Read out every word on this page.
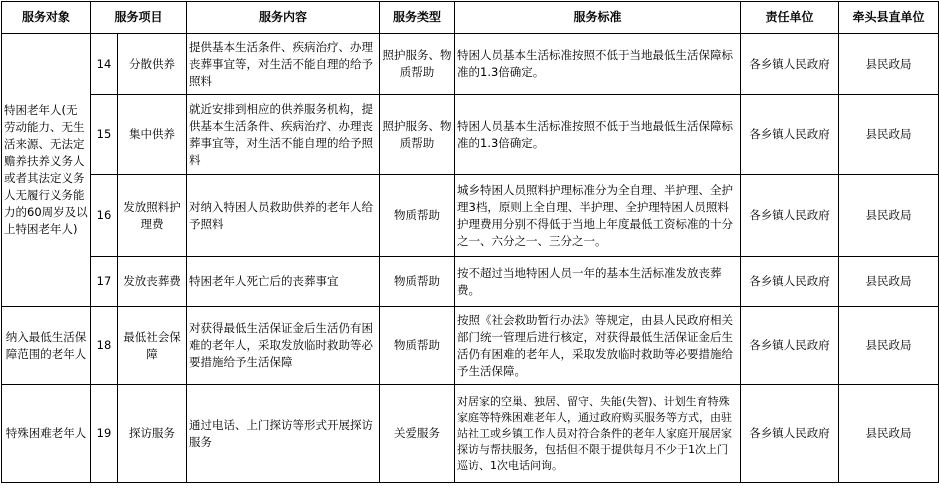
服务对象	服务项目		服务内容	服务类型	服务标准	责任单位	牵头县直单位
特困老年人(无劳动能力、无生活来源、无法定赡养扶养义务人或者其法定义务人无履行义务能力的60周岁及以上特困老年人)	14	分散供养	提供基本生活条件、疾病治疗、办理丧葬事宜等，对生活不能自理的给予照料	照护服务、物质帮助	特困人员基本生活标准按照不低于当地最低生活保障标准的1.3倍确定。	各乡镇人民政府	县民政局
	15	集中供养	就近安排到相应的供养服务机构，提供基本生活条件、疾病治疗、办理丧葬事宜等，对生活不能自理的给予照料	照护服务、物质帮助	特困人员基本生活标准按照不低于当地最低生活保障标准的1.3倍确定。	各乡镇人民政府	县民政局
	16	发放照料护理费	对纳入特困人员救助供养的老年人给予照料	物质帮助	城乡特困人员照料护理标准分为全自理、半护理、全护理3档，原则上全自理、半护理、全护理特困人员照料护理费用分别不得低于当地上年度最低工资标准的十分之一、六分之一、三分之一。	各乡镇人民政府	县民政局
	17	发放丧葬费	特困老年人死亡后的丧葬事宜	物质帮助	按不超过当地特困人员一年的基本生活标准发放丧葬费。	各乡镇人民政府	县民政局
纳入最低生活保障范围的老年人	18	最低社会保障	对获得最低生活保证金后生活仍有困难的老年人，采取发放临时救助等必要措施给予生活保障	物质帮助	按照《社会救助暂行办法》等规定，由县人民政府相关部门统一管理后进行核定，对获得最低生活保证金后生活仍有困难的老年人，采取发放临时救助等必要措施给予生活保障。	各乡镇人民政府	县民政局
特殊困难老年人	19	探访服务	通过电话、上门探访等形式开展探访服务	关爱服务	对居家的空巢、独居、留守、失能(失智)、计划生育特殊家庭等特殊困难老年人，通过政府购买服务等方式，由驻站社工或乡镇工作人员对符合条件的老年人家庭开展居家探访与帮扶服务，包括但不限于提供每月不少于1次上门巡访、1次电话问询。	各乡镇人民政府	县民政局
